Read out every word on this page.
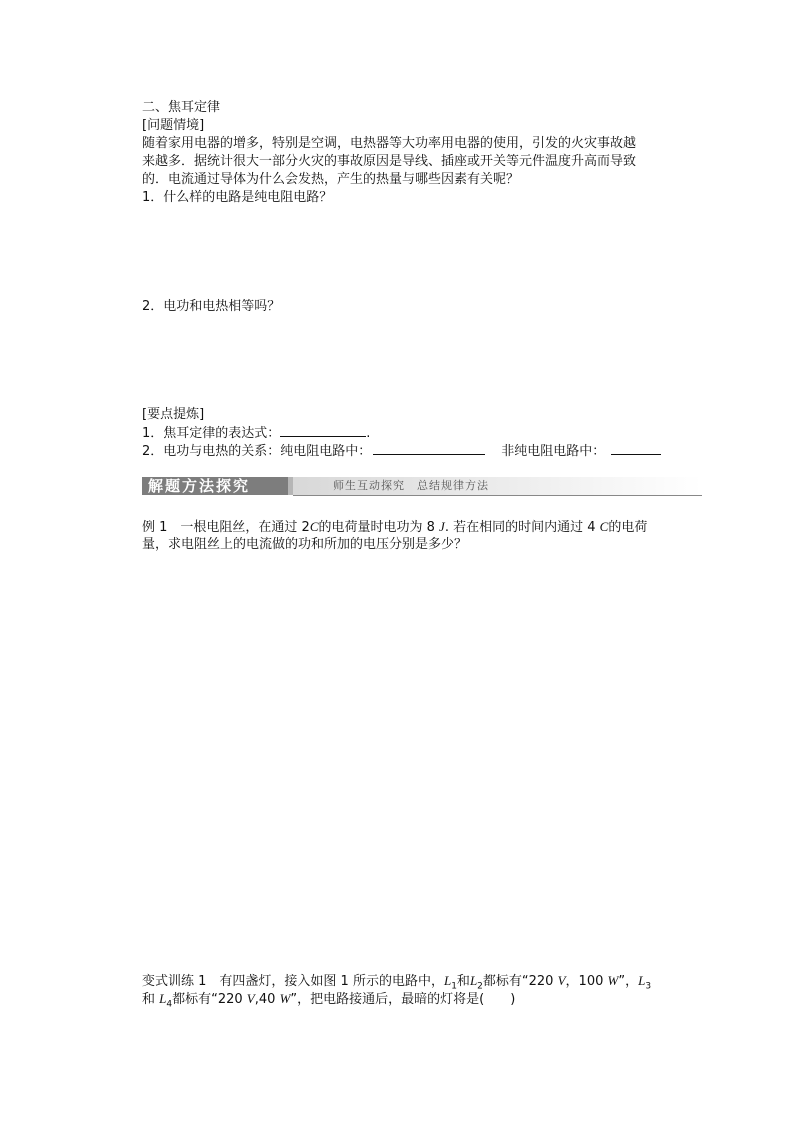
二、焦耳定律
[问题情境]
随着家用电器的增多，特别是空调，电热器等大功率用电器的使用，引发的火灾事故越
来越多．据统计很大一部分火灾的事故原因是导线、插座或开关等元件温度升高而导致
的．电流通过导体为什么会发热，产生的热量与哪些因素有关呢？
1．什么样的电路是纯电阻电路？
2．电功和电热相等吗？
[要点提炼]
1．焦耳定律的表达式：	.
2．电功与电热的关系：纯电阻电路中：	非纯电阻电路中：
解题方法探究	师生互动探究　总结规律方法
例 1　一根电阻丝，在通过 2C的电荷量时电功为 8 J. 若在相同的时间内通过 4 C的电荷
量，求电阻丝上的电流做的功和所加的电压分别是多少？
变式训练 1　有四盏灯，接入如图 1 所示的电路中，$L_1$和$L_2$都标有“220 V，100 W”，$L_3$
和 $L_4$都标有“220 V,40 W”，把电路接通后，最暗的灯将是(　　)
